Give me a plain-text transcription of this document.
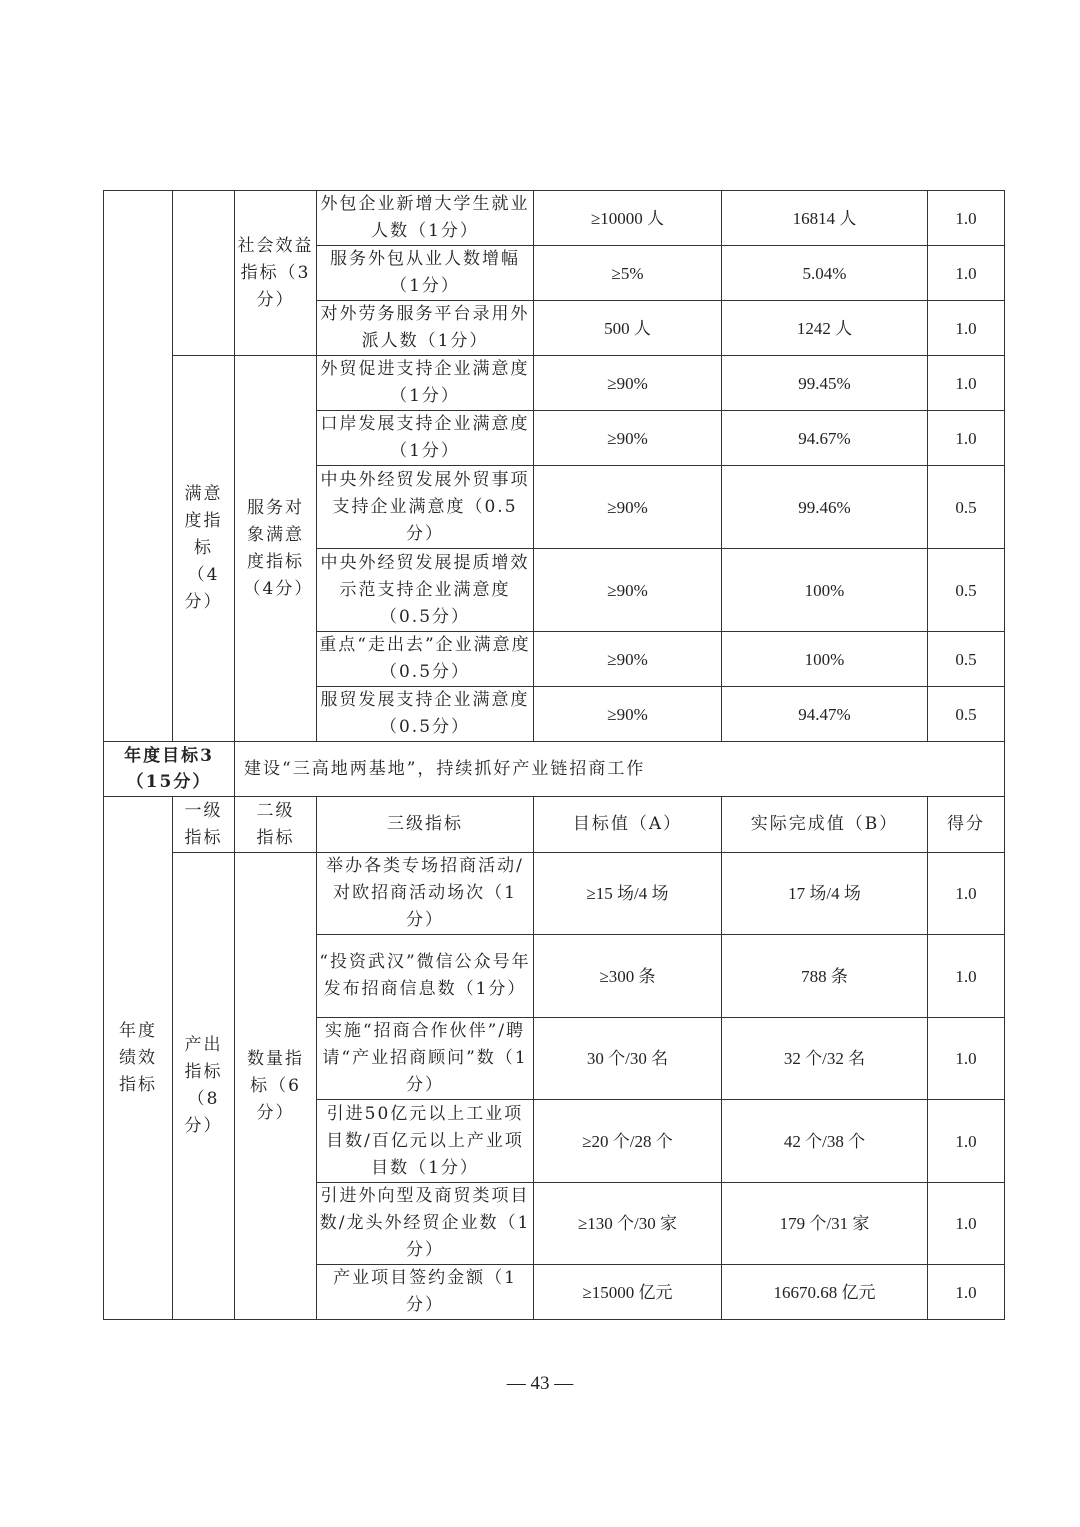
		社会效益指标（3分）	外包企业新增大学生就业人数（1分）	≥10000 人	16814 人	1.0
			服务外包从业人数增幅（1分）	≥5%	5.04%	1.0
			对外劳务服务平台录用外派人数（1分）	500 人	1242 人	1.0
	满意度指标（4分）	服务对象满意度指标（4分）	外贸促进支持企业满意度（1分）	≥90%	99.45%	1.0
			口岸发展支持企业满意度（1分）	≥90%	94.67%	1.0
			中央外经贸发展外贸事项支持企业满意度（0.5分）	≥90%	99.46%	0.5
			中央外经贸发展提质增效示范支持企业满意度（0.5分）	≥90%	100%	0.5
			重点“走出去”企业满意度（0.5分）	≥90%	100%	0.5
			服贸发展支持企业满意度（0.5分）	≥90%	94.47%	0.5
年度目标3（15分）		建设“三高地两基地”，持续抓好产业链招商工作				
年度绩效指标	一级指标	二级指标	三级指标	目标值（A）	实际完成值（B）	得分
	产出指标（8分）	数量指标（6分）	举办各类专场招商活动/对欧招商活动场次（1分）	≥15 场/4 场	17 场/4 场	1.0
			“投资武汉”微信公众号年发布招商信息数（1分）	≥300 条	788 条	1.0
			实施“招商合作伙伴”/聘请“产业招商顾问”数（1分）	30 个/30 名	32 个/32 名	1.0
			引进50亿元以上工业项目数/百亿元以上产业项目数（1分）	≥20 个/28 个	42 个/38 个	1.0
			引进外向型及商贸类项目数/龙头外经贸企业数（1分）	≥130 个/30 家	179 个/31 家	1.0
			产业项目签约金额（1分）	≥15000 亿元	16670.68 亿元	1.0
— 43 —
